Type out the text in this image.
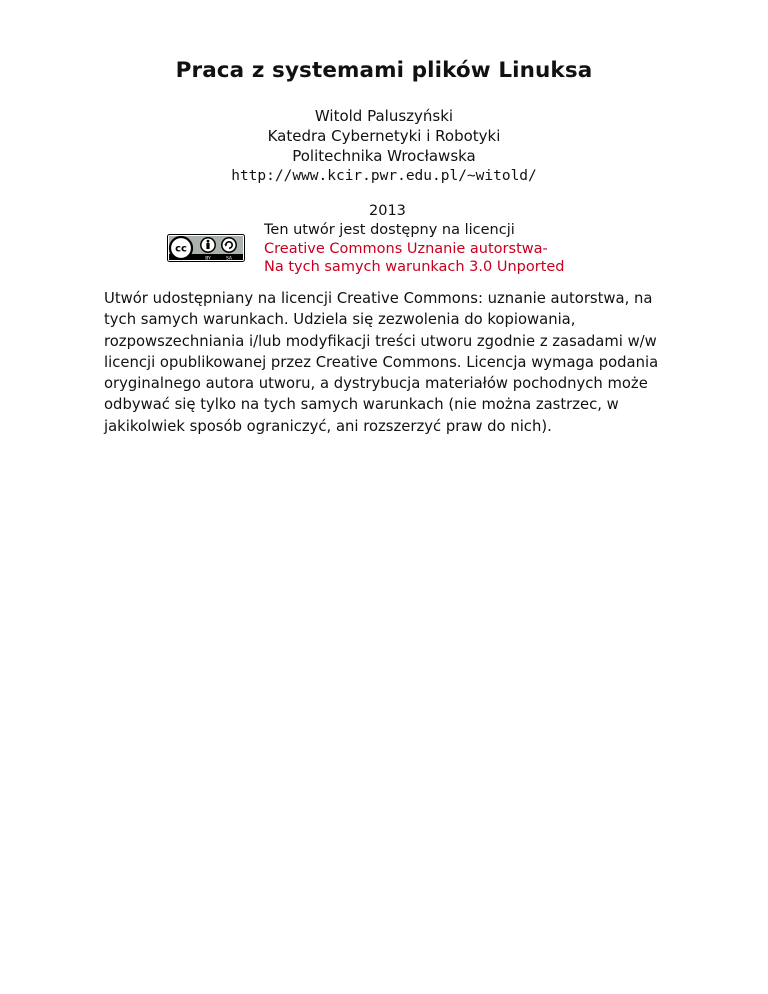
Praca z systemami plików Linuksa
Witold Paluszyński
Katedra Cybernetyki i Robotyki
Politechnika Wrocławska
http://www.kcir.pwr.edu.pl/~witold/
2013
cc
BY	SA
Ten utwór jest dostępny na licencji
Creative Commons Uznanie autorstwa-
Na tych samych warunkach 3.0 Unported
Utwór udostępniany na licencji Creative Commons: uznanie autorstwa, na tych samych warunkach. Udziela się zezwolenia do kopiowania, rozpowszechniania i/lub modyfikacji treści utworu zgodnie z zasadami w/w licencji opublikowanej przez Creative Commons. Licencja wymaga podania oryginalnego autora utworu, a dystrybucja materiałów pochodnych może odbywać się tylko na tych samych warunkach (nie można zastrzec, w jakikolwiek sposób ograniczyć, ani rozszerzyć praw do nich).
